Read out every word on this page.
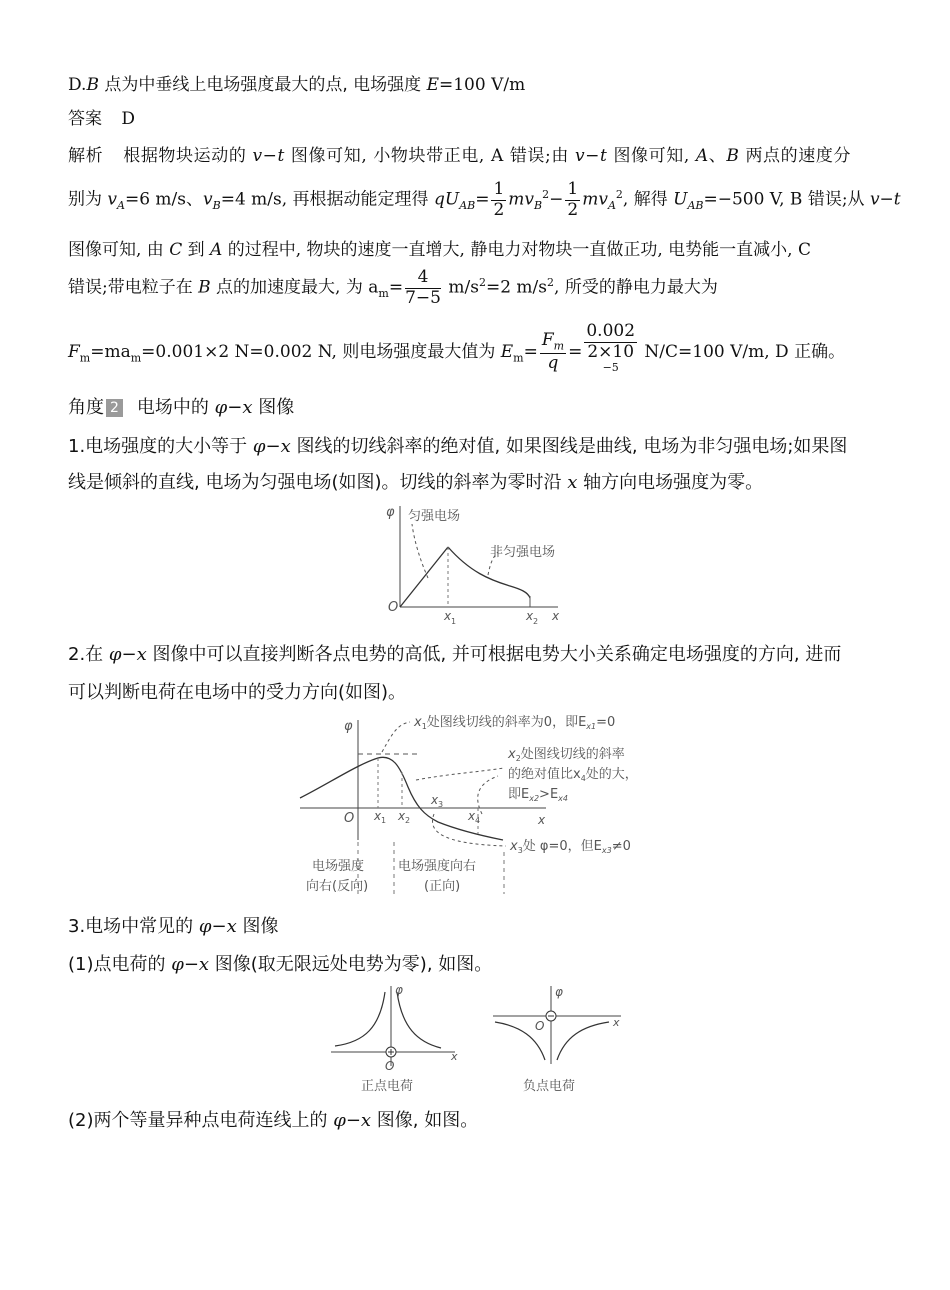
D.B 点为中垂线上电场强度最大的点, 电场强度 E=100 V/m
答案 D
解析 根据物块运动的 v−t 图像可知, 小物块带正电, A 错误;由 v−t 图像可知, A、B 两点的速度分
别为 $v_A=6$ m/s、$v_B=4$ m/s, 再根据动能定理得 $qU_{AB}= \frac{1}{2} mv_B^2- \frac{1}{2} mv_A^2$, 解得 $U_{AB}=-500$ V, B 错误;从 v−t
图像可知, 由 C 到 A 的过程中, 物块的速度一直增大, 静电力对物块一直做正功, 电势能一直减小, C
错误;带电粒子在 B 点的加速度最大, 为 $a_m= \frac{4}{7-5} m/s^2=2$ $m/s^2$, 所受的静电力最大为
$F_m=ma_m=0.001\times 2$ N=0.002 N, 则电场强度最大值为 $E_m= \frac{F_m}{q} = 0.002$
2×10
$^{-5}$ N/C=100 V/m, D 正确。
角度 2 电场中的 φ−x 图像
1.电场强度的大小等于 φ−x 图线的切线斜率的绝对值, 如果图线是曲线, 电场为非匀强电场;如果图
线是倾斜的直线, 电场为匀强电场(如图)。切线的斜率为零时沿 x 轴方向电场强度为零。
φ
O
x
x 1	x 2
匀强电场
非匀强电场
2.在 φ−x 图像中可以直接判断各点电势的高低, 并可根据电势大小关系确定电场强度的方向, 进而
可以判断电荷在电场中的受力方向(如图)。
φ
O	x
x 1 x 2
x 3
x 4
$x_1$处图线切线的斜率为0，即$E_{x1}=0$
$x_2$处图线切线的斜率
的绝对值比$x_4$处的大，
即$E_{x2}>E_{x4}$
$x_3$处 φ=0，但$E_{x3}\ne 0$
电场强度
向右(反向)
电场强度向右
(正向)
3.电场中常见的 φ−x 图像
(1)点电荷的 φ−x 图像(取无限远处电势为零), 如图。
φ
x
O
正点电荷
φ
x
O
负点电荷
(2)两个等量异种点电荷连线上的 φ−x 图像, 如图。
